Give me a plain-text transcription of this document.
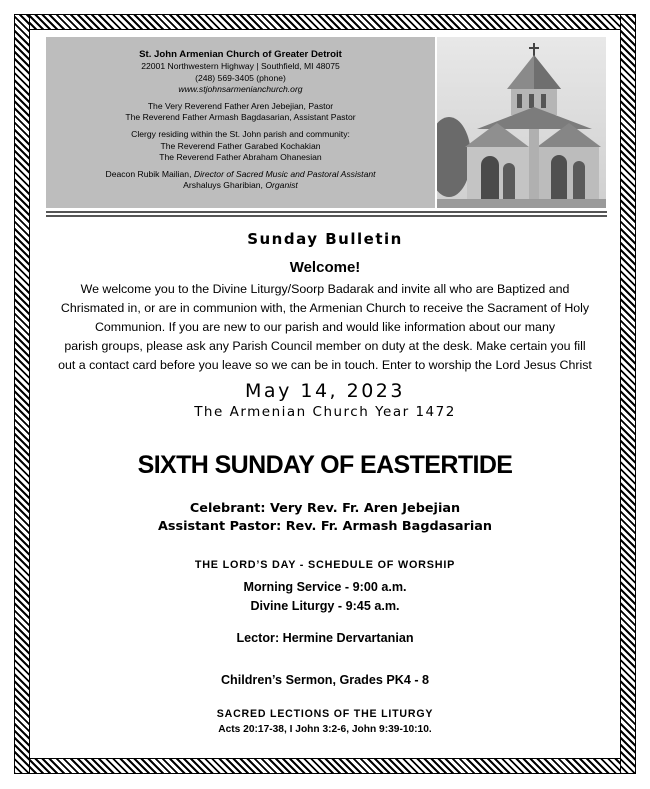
St. John Armenian Church of Greater Detroit
22001 Northwestern Highway | Southfield, MI 48075
(248) 569-3405 (phone)
www.stjohnsarmenianchurch.org
The Very Reverend Father Aren Jebejian, Pastor
The Reverend Father Armash Bagdasarian, Assistant Pastor
Clergy residing within the St. John parish and community:
The Reverend Father Garabed Kochakian
The Reverend Father Abraham Ohanesian
Deacon Rubik Mailian, Director of Sacred Music and Pastoral Assistant
Arshaluys Gharibian, Organist
Sunday Bulletin
Welcome!
We welcome you to the Divine Liturgy/Soorp Badarak and invite all who are Baptized and
Chrismated in, or are in communion with, the Armenian Church to receive the Sacrament of Holy
Communion. If you are new to our parish and would like information about our many
parish groups, please ask any Parish Council member on duty at the desk. Make certain you fill
out a contact card before you leave so we can be in touch. Enter to worship the Lord Jesus Christ
May 14, 2023
The Armenian Church Year 1472
SIXTH SUNDAY OF EASTERTIDE
Celebrant: Very Rev. Fr. Aren Jebejian
Assistant Pastor: Rev. Fr. Armash Bagdasarian
THE LORD’S DAY - SCHEDULE OF WORSHIP
Morning Service - 9:00 a.m.
Divine Liturgy - 9:45 a.m.
Lector: Hermine Dervartanian
Children’s Sermon, Grades PK4 - 8
SACRED LECTIONS OF THE LITURGY
Acts 20:17-38, I John 3:2-6, John 9:39-10:10.
